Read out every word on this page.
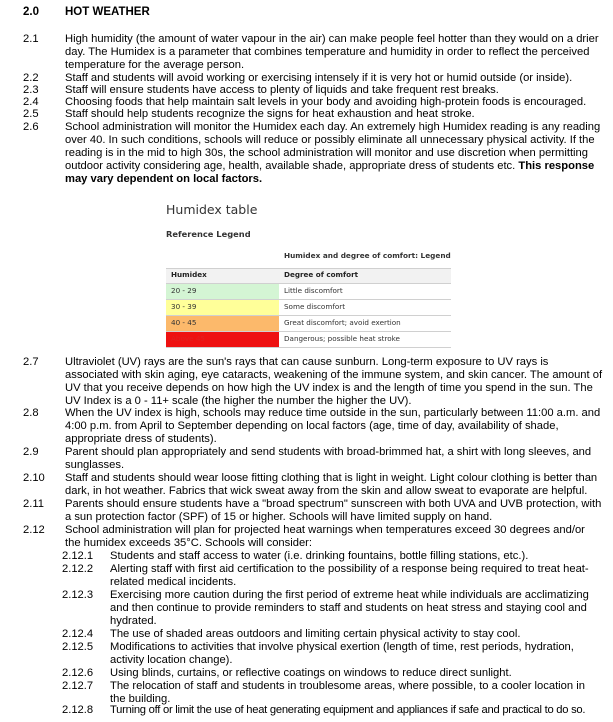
2.0 HOT WEATHER
2.1	High humidity (the amount of water vapour in the air) can make people feel hotter than they would on a drier day. The Humidex is a parameter that combines temperature and humidity in order to reflect the perceived temperature for the average person.
2.2	Staff and students will avoid working or exercising intensely if it is very hot or humid outside (or inside).
2.3	Staff will ensure students have access to plenty of liquids and take frequent rest breaks.
2.4	Choosing foods that help maintain salt levels in your body and avoiding high-protein foods is encouraged.
2.5	Staff should help students recognize the signs for heat exhaustion and heat stroke.
2.6	School administration will monitor the Humidex each day. An extremely high Humidex reading is any reading over 40. In such conditions, schools will reduce or possibly eliminate all unnecessary physical activity. If the reading is in the mid to high 30s, the school administration will monitor and use discretion when permitting outdoor activity considering age, health, available shade, appropriate dress of students etc. This response may vary dependent on local factors.
Humidex table
Reference Legend
Humidex and degree of comfort: Legend
Humidex	Degree of comfort
20 - 29	Little discomfort
30 - 39	Some discomfort
40 - 45	Great discomfort; avoid exertion
Above 45	Dangerous; possible heat stroke
2.7	Ultraviolet (UV) rays are the sun's rays that can cause sunburn. Long-term exposure to UV rays is associated with skin aging, eye cataracts, weakening of the immune system, and skin cancer. The amount of UV that you receive depends on how high the UV index is and the length of time you spend in the sun. The UV Index is a 0 - 11+ scale (the higher the number the higher the UV).
2.8	When the UV index is high, schools may reduce time outside in the sun, particularly between 11:00 a.m. and 4:00 p.m. from April to September depending on local factors (age, time of day, availability of shade, appropriate dress of students).
2.9	Parent should plan appropriately and send students with broad-brimmed hat, a shirt with long sleeves, and sunglasses.
2.10	Staff and students should wear loose fitting clothing that is light in weight. Light colour clothing is better than dark, in hot weather. Fabrics that wick sweat away from the skin and allow sweat to evaporate are helpful.
2.11	Parents should ensure students have a "broad spectrum" sunscreen with both UVA and UVB protection, with a sun protection factor (SPF) of 15 or higher. Schools will have limited supply on hand.
2.12	School administration will plan for projected heat warnings when temperatures exceed 30 degrees and/or the humidex exceeds 35°C. Schools will consider:
2.12.1	Students and staff access to water (i.e. drinking fountains, bottle filling stations, etc.).
2.12.2	Alerting staff with first aid certification to the possibility of a response being required to treat heat-related medical incidents.
2.12.3	Exercising more caution during the first period of extreme heat while individuals are acclimatizing and then continue to provide reminders to staff and students on heat stress and staying cool and hydrated.
2.12.4	The use of shaded areas outdoors and limiting certain physical activity to stay cool.
2.12.5	Modifications to activities that involve physical exertion (length of time, rest periods, hydration, activity location change).
2.12.6	Using blinds, curtains, or reflective coatings on windows to reduce direct sunlight.
2.12.7	The relocation of staff and students in troublesome areas, where possible, to a cooler location in the building.
2.12.8	Turning off or limit the use of heat generating equipment and appliances if safe and practical to do so.
